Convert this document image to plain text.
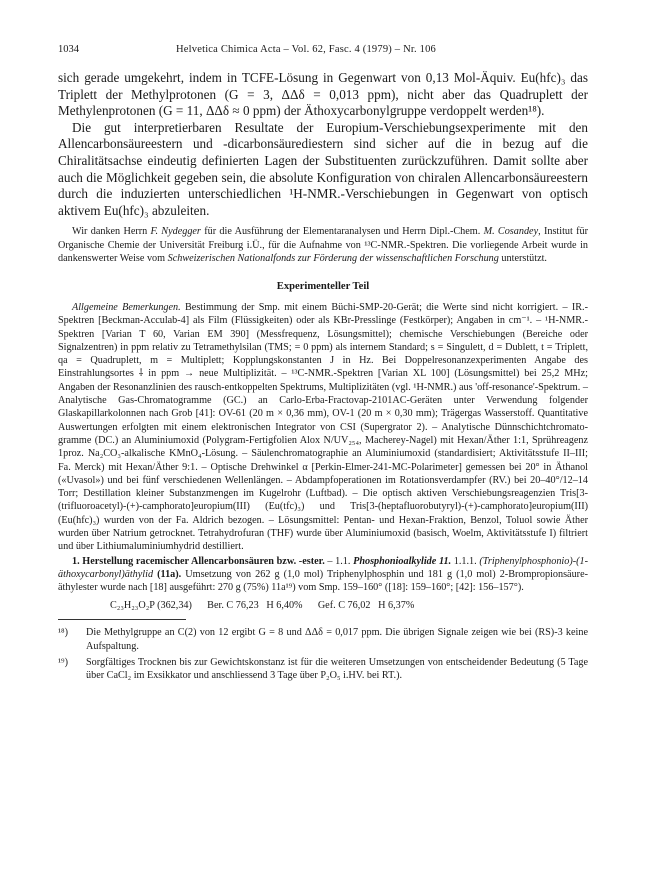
1034	Helvetica Chimica Acta – Vol. 62, Fasc. 4 (1979) – Nr. 106

sich gerade umgekehrt, indem in TCFE-Lösung in Gegenwart von 0,13 Mol-Äquiv. Eu(hfc)₃ das Triplett der Methylprotonen (G = 3, ΔΔδ = 0,013 ppm), nicht aber das Quadruplett der Methylenprotonen (G = 11, ΔΔδ ≈ 0 ppm) der Äthoxycarbonylgruppe verdoppelt werden¹⁸).

Die gut interpretierbaren Resultate der Europium-Verschiebungsexperimente mit den Allencarbonsäureestern und -dicarbonsäurediestern sind sicher auf die in bezug auf die Chiralitätsachse eindeutig definierten Lagen der Substituenten zurückzuführen. Damit sollte aber auch die Möglichkeit gegeben sein, die absolute Konfiguration von chiralen Allencarbonsäureestern durch die induzierten unterschiedlichen ¹H-NMR.-Verschiebungen in Gegenwart von optisch aktivem Eu(hfc)₃ abzuleiten.

Wir danken Herrn F. Nydegger für die Ausführung der Elementaranalysen und Herrn Dipl.-Chem. M. Cosandey, Institut für Organische Chemie der Universität Freiburg i.Ü., für die Aufnahme von ¹³C-NMR.-Spektren. Die vorliegende Arbeit wurde in dankenswerter Weise vom Schweizerischen Nationalfonds zur Förderung der wissenschaftlichen Forschung unterstützt.

Experimenteller Teil

Allgemeine Bemerkungen. Bestimmung der Smp. mit einem Büchi-SMP-20-Gerät; die Werte sind nicht korrigiert. – IR.-Spektren [Beckman-Acculab-4] als Film (Flüssigkeiten) oder als KBr-Presslinge (Festkörper); Angaben in cm⁻¹. – ¹H-NMR.-Spektren [Varian T 60, Varian EM 390] (Messfrequenz, Lösungsmittel); chemische Verschiebungen (Bereiche oder Signalzentren) in ppm relativ zu Tetramethylsilan (TMS; = 0 ppm) als internem Standard; s = Singulett, d = Dublett, t = Triplett, qa = Quadruplett, m = Multiplett; Kopplungskonstanten J in Hz. Bei Doppelresonanzexperimenten Angabe des Einstrahlungsortes ⸸ in ppm → neue Multiplizität. – ¹³C-NMR.-Spektren [Varian XL 100] (Lösungsmittel) bei 25,2 MHz; Angaben der Resonanzlinien des rausch-entkoppelten Spektrums, Multiplizitäten (vgl. ¹H-NMR.) aus 'off-resonance'-Spektrum. – Analytische Gas-Chromatogramme (GC.) an Carlo-Erba-Fractovap-2101AC-Geräten unter Verwendung folgender Glaskapillarkolonnen nach Grob [41]: OV-61 (20 m × 0,36 mm), OV-1 (20 m × 0,30 mm); Trägergas Wasserstoff. Quantitative Auswertungen erfolgten mit einem elektronischen Integrator von CSI (Supergrator 2). – Analytische Dünnschichtchromatogramme (DC.) an Aluminiumoxid (Polygram-Fertigfolien Alox N/UV₂₅₄, Macherey-Nagel) mit Hexan/Äther 1:1, Sprühreagenz 1proz. Na₂CO₃-alkalische KMnO₄-Lösung. – Säulenchromatographie an Aluminiumoxid (standardisiert; Aktivitätsstufe II–III; Fa. Merck) mit Hexan/Äther 9:1. – Optische Drehwinkel α [Perkin-Elmer-241-MC-Polarimeter] gemessen bei 20° in Äthanol («Uvasol») und bei fünf verschiedenen Wellenlängen. – Abdampfoperationen im Rotationsverdampfer (RV.) bei 20–40°/12–14 Torr; Destillation kleiner Substanzmengen im Kugelrohr (Luftbad). – Die optisch aktiven Verschiebungsreagenzien Tris[3-(trifluoroacetyl)-(+)-camphorato]europium(III) (Eu(tfc)₃) und Tris[3-(heptafluorobutyryl)-(+)-camphorato]europium(III) (Eu(hfc)₃) wurden von der Fa. Aldrich bezogen. – Lösungsmittel: Pentan- und Hexan-Fraktion, Benzol, Toluol sowie Äther wurden über Natrium getrocknet. Tetrahydrofuran (THF) wurde über Aluminiumoxid (basisch, Woelm, Aktivitätsstufe I) filtriert und über Lithiumaluminiumhydrid destilliert.

1. Herstellung racemischer Allencarbonsäuren bzw. -ester. – 1.1. Phosphonioalkylide 11. 1.1.1. (Triphenylphosphonio)-(1-äthoxycarbonyl)äthylid (11a). Umsetzung von 262 g (1,0 mol) Triphenylphosphin und 181 g (1,0 mol) 2-Brompropionsäure-äthylester wurde nach [18] ausgeführt: 270 g (75%) 11a¹⁹) vom Smp. 159–160° ([18]: 159–160°; [42]: 156–157°).

C₂₃H₂₃O₂P (362,34)      Ber. C 76,23   H 6,40%      Gef. C 76,02   H 6,37%
¹⁸) Die Methylgruppe an C(2) von 12 ergibt G = 8 und ΔΔδ = 0,017 ppm. Die übrigen Signale zeigen wie bei (RS)-3 keine Aufspaltung.
¹⁹) Sorgfältiges Trocknen bis zur Gewichtskonstanz ist für die weiteren Umsetzungen von entscheidender Bedeutung (5 Tage über CaCl₂ im Exsikkator und anschliessend 3 Tage über P₂O₅ i.HV. bei RT.).
